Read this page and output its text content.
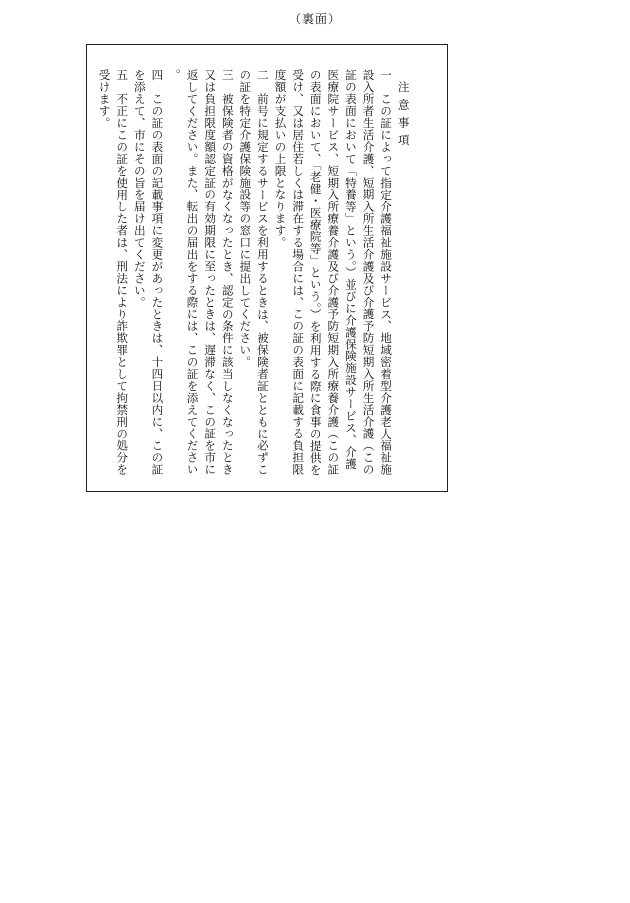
（裏面）
注意事項
一この証によって指定介護福祉施設サービス、地域密着型介護老人福祉施設入所者生活介護、短期入所生活介護及び介護予防短期入所生活介護（この証の表面において「特養等」という。）並びに介護保険施設サービス、介護医療院サービス、短期入所療養介護及び介護予防短期入所療養介護（この証の表面において、「老健・医療院等」という。）を利用する際に食事の提供を受け、又は居住若しくは滞在する場合には、この証の表面に記載する負担限度額が支払いの上限となります。
二前号に規定するサービスを利用するときは、被保険者証とともに必ずこの証を特定介護保険施設等の窓口に提出してください。
三被保険者の資格がなくなったとき、認定の条件に該当しなくなったとき又は負担限度額認定証の有効期限に至ったときは、遅滞なく、この証を市に返してください。また、転出の届出をする際には、この証を添えてください。
四この証の表面の記載事項に変更があったときは、十四日以内に、この証を添えて、市にその旨を届け出てください。
五不正にこの証を使用した者は、刑法により詐欺罪として拘禁刑の処分を受けます。
